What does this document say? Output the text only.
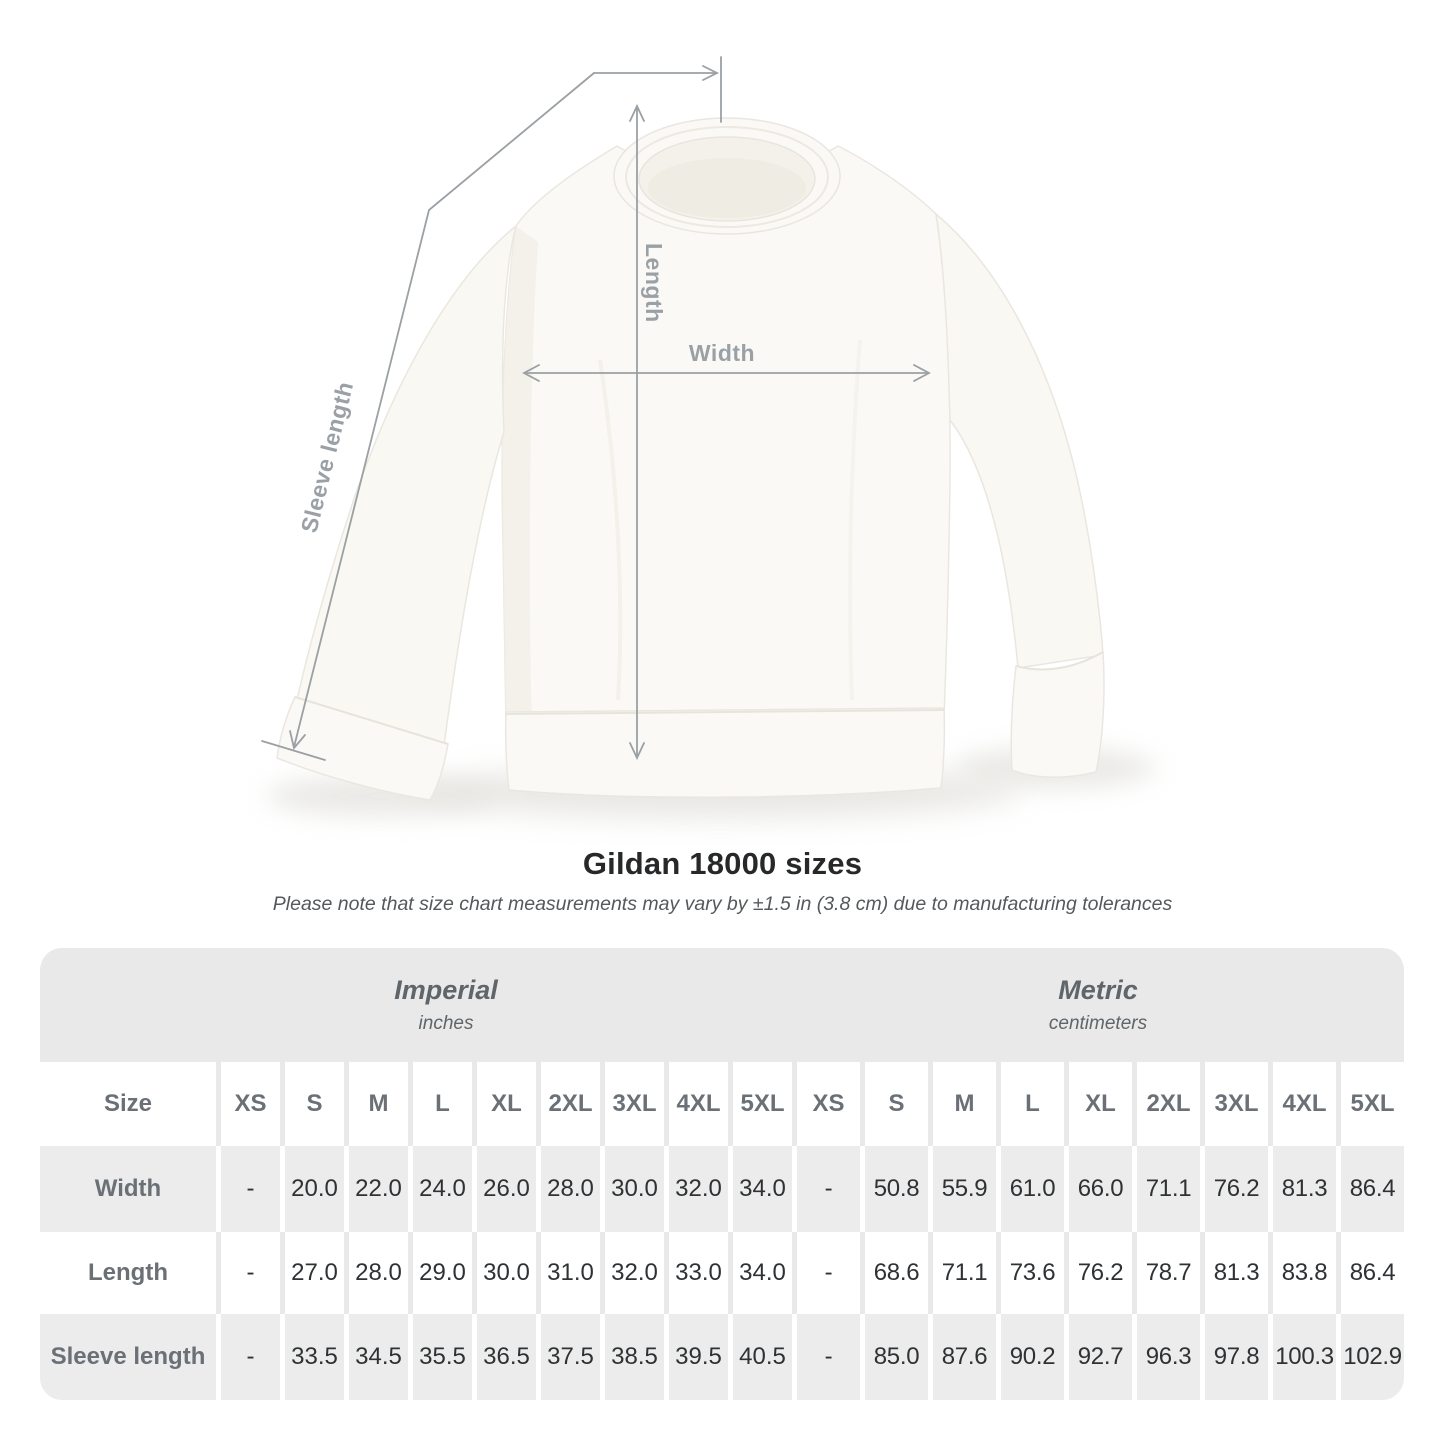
Width
Length
Sleeve length
Gildan 18000 sizes
Please note that size chart measurements may vary by ±1.5 in (3.8 cm) due to manufacturing tolerances
Imperial
inches
Metric
centimeters
Size	XS	S	M	L	XL	2XL 3XL 4XL 5XL	XS	S	M	L	XL	2XL 3XL 4XL 5XL
Width	-	20.0 22.0 24.0 26.0 28.0 30.0 32.0 34.0	-	50.8 55.9 61.0 66.0 71.1 76.2 81.3 86.4
Length	-	27.0 28.0 29.0 30.0 31.0 32.0 33.0 34.0	-	68.6 71.1 73.6 76.2 78.7 81.3 83.8 86.4
Sleeve length	-	33.5 34.5 35.5 36.5 37.5 38.5 39.5 40.5	-	85.0 87.6 90.2 92.7 96.3 97.8 100.3 102.9
